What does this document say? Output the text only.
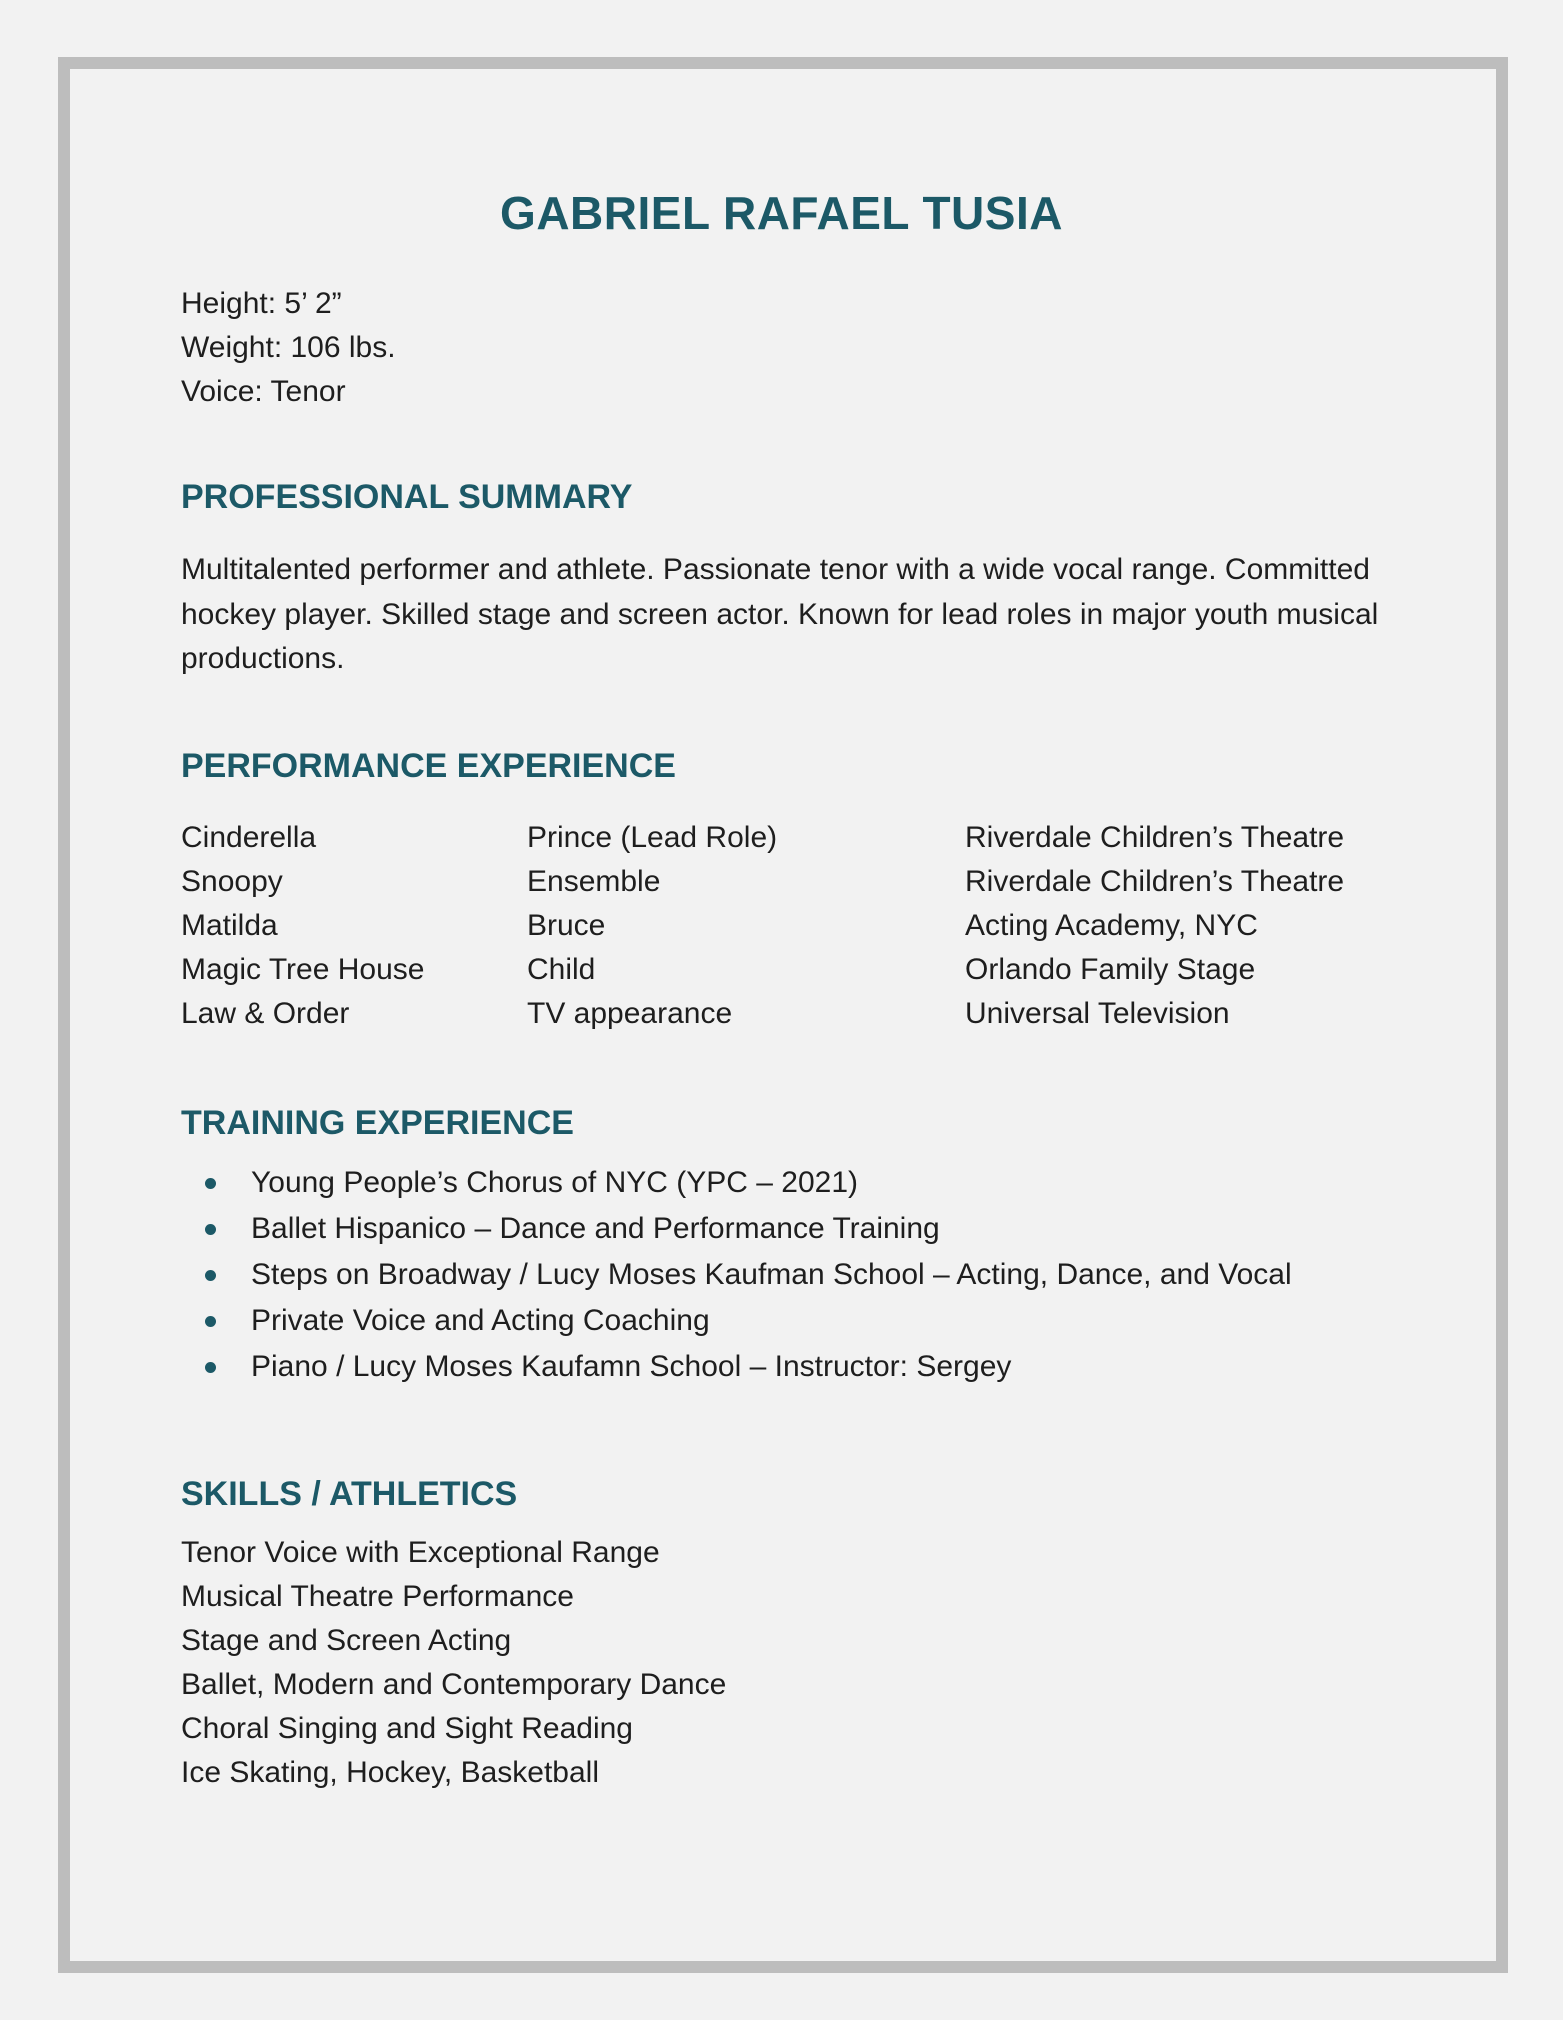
GABRIEL RAFAEL TUSIA
Height: 5’ 2”
Weight: 106 lbs.
Voice: Tenor
PROFESSIONAL SUMMARY
Multitalented performer and athlete. Passionate tenor with a wide vocal range. Committed hockey player. Skilled stage and screen actor. Known for lead roles in major youth musical productions.
PERFORMANCE EXPERIENCE
Cinderella	Prince (Lead Role)	Riverdale Children’s Theatre
Snoopy	Ensemble	Riverdale Children’s Theatre
Matilda	Bruce	Acting Academy, NYC
Magic Tree House	Child	Orlando Family Stage
Law & Order	TV appearance	Universal Television
TRAINING EXPERIENCE
Young People’s Chorus of NYC (YPC – 2021)
Ballet Hispanico – Dance and Performance Training
Steps on Broadway / Lucy Moses Kaufman School – Acting, Dance, and Vocal
Private Voice and Acting Coaching
Piano / Lucy Moses Kaufamn School – Instructor: Sergey
SKILLS / ATHLETICS
Tenor Voice with Exceptional Range
Musical Theatre Performance
Stage and Screen Acting
Ballet, Modern and Contemporary Dance
Choral Singing and Sight Reading
Ice Skating, Hockey, Basketball
